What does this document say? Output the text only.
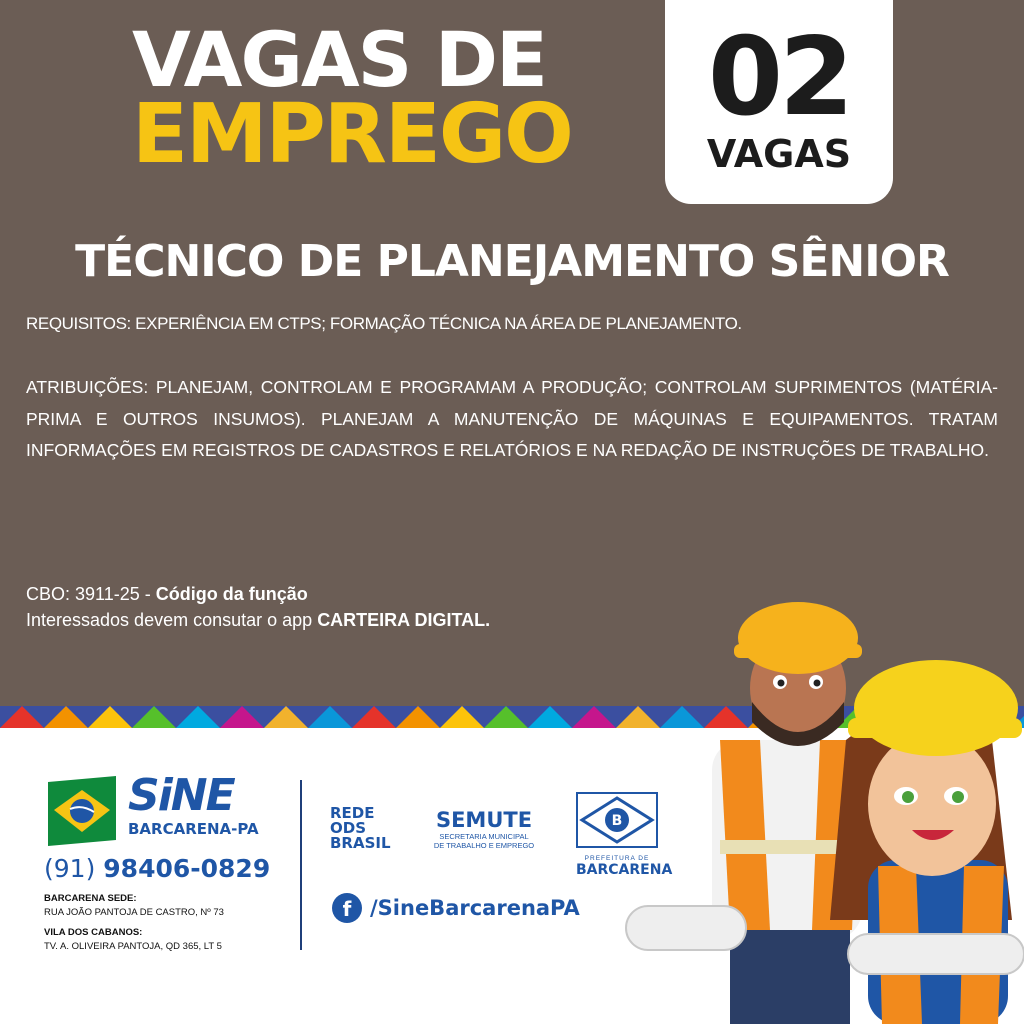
VAGAS DE
EMPREGO	02
VAGAS
TÉCNICO DE PLANEJAMENTO SÊNIOR
REQUISITOS: EXPERIÊNCIA EM CTPS; FORMAÇÃO TÉCNICA NA ÁREA DE PLANEJAMENTO.
ATRIBUIÇÕES: PLANEJAM, CONTROLAM E PROGRAMAM A PRODUÇÃO; CONTROLAM SUPRIMENTOS (MATÉRIA-PRIMA E OUTROS INSUMOS). PLANEJAM A MANUTENÇÃO DE MÁQUINAS E EQUIPAMENTOS. TRATAM INFORMAÇÕES EM REGISTROS DE CADASTROS E RELATÓRIOS E NA REDAÇÃO DE INSTRUÇÕES DE TRABALHO.
CBO: 3911-25 - Código da função
Interessados devem consutar o app CARTEIRA DIGITAL.
SiNE
BARCARENA-PA
(91) 98406-0829
BARCARENA SEDE:
RUA JOÃO PANTOJA DE CASTRO, Nº 73
VILA DOS CABANOS:
TV. A. OLIVEIRA PANTOJA, QD 365, LT 5
REDE
ODS
BRASIL
SEMUTE
SECRETARIA MUNICIPAL
DE TRABALHO E EMPREGO
B
PREFEITURA DE
BARCARENA
f /SineBarcarenaPA
